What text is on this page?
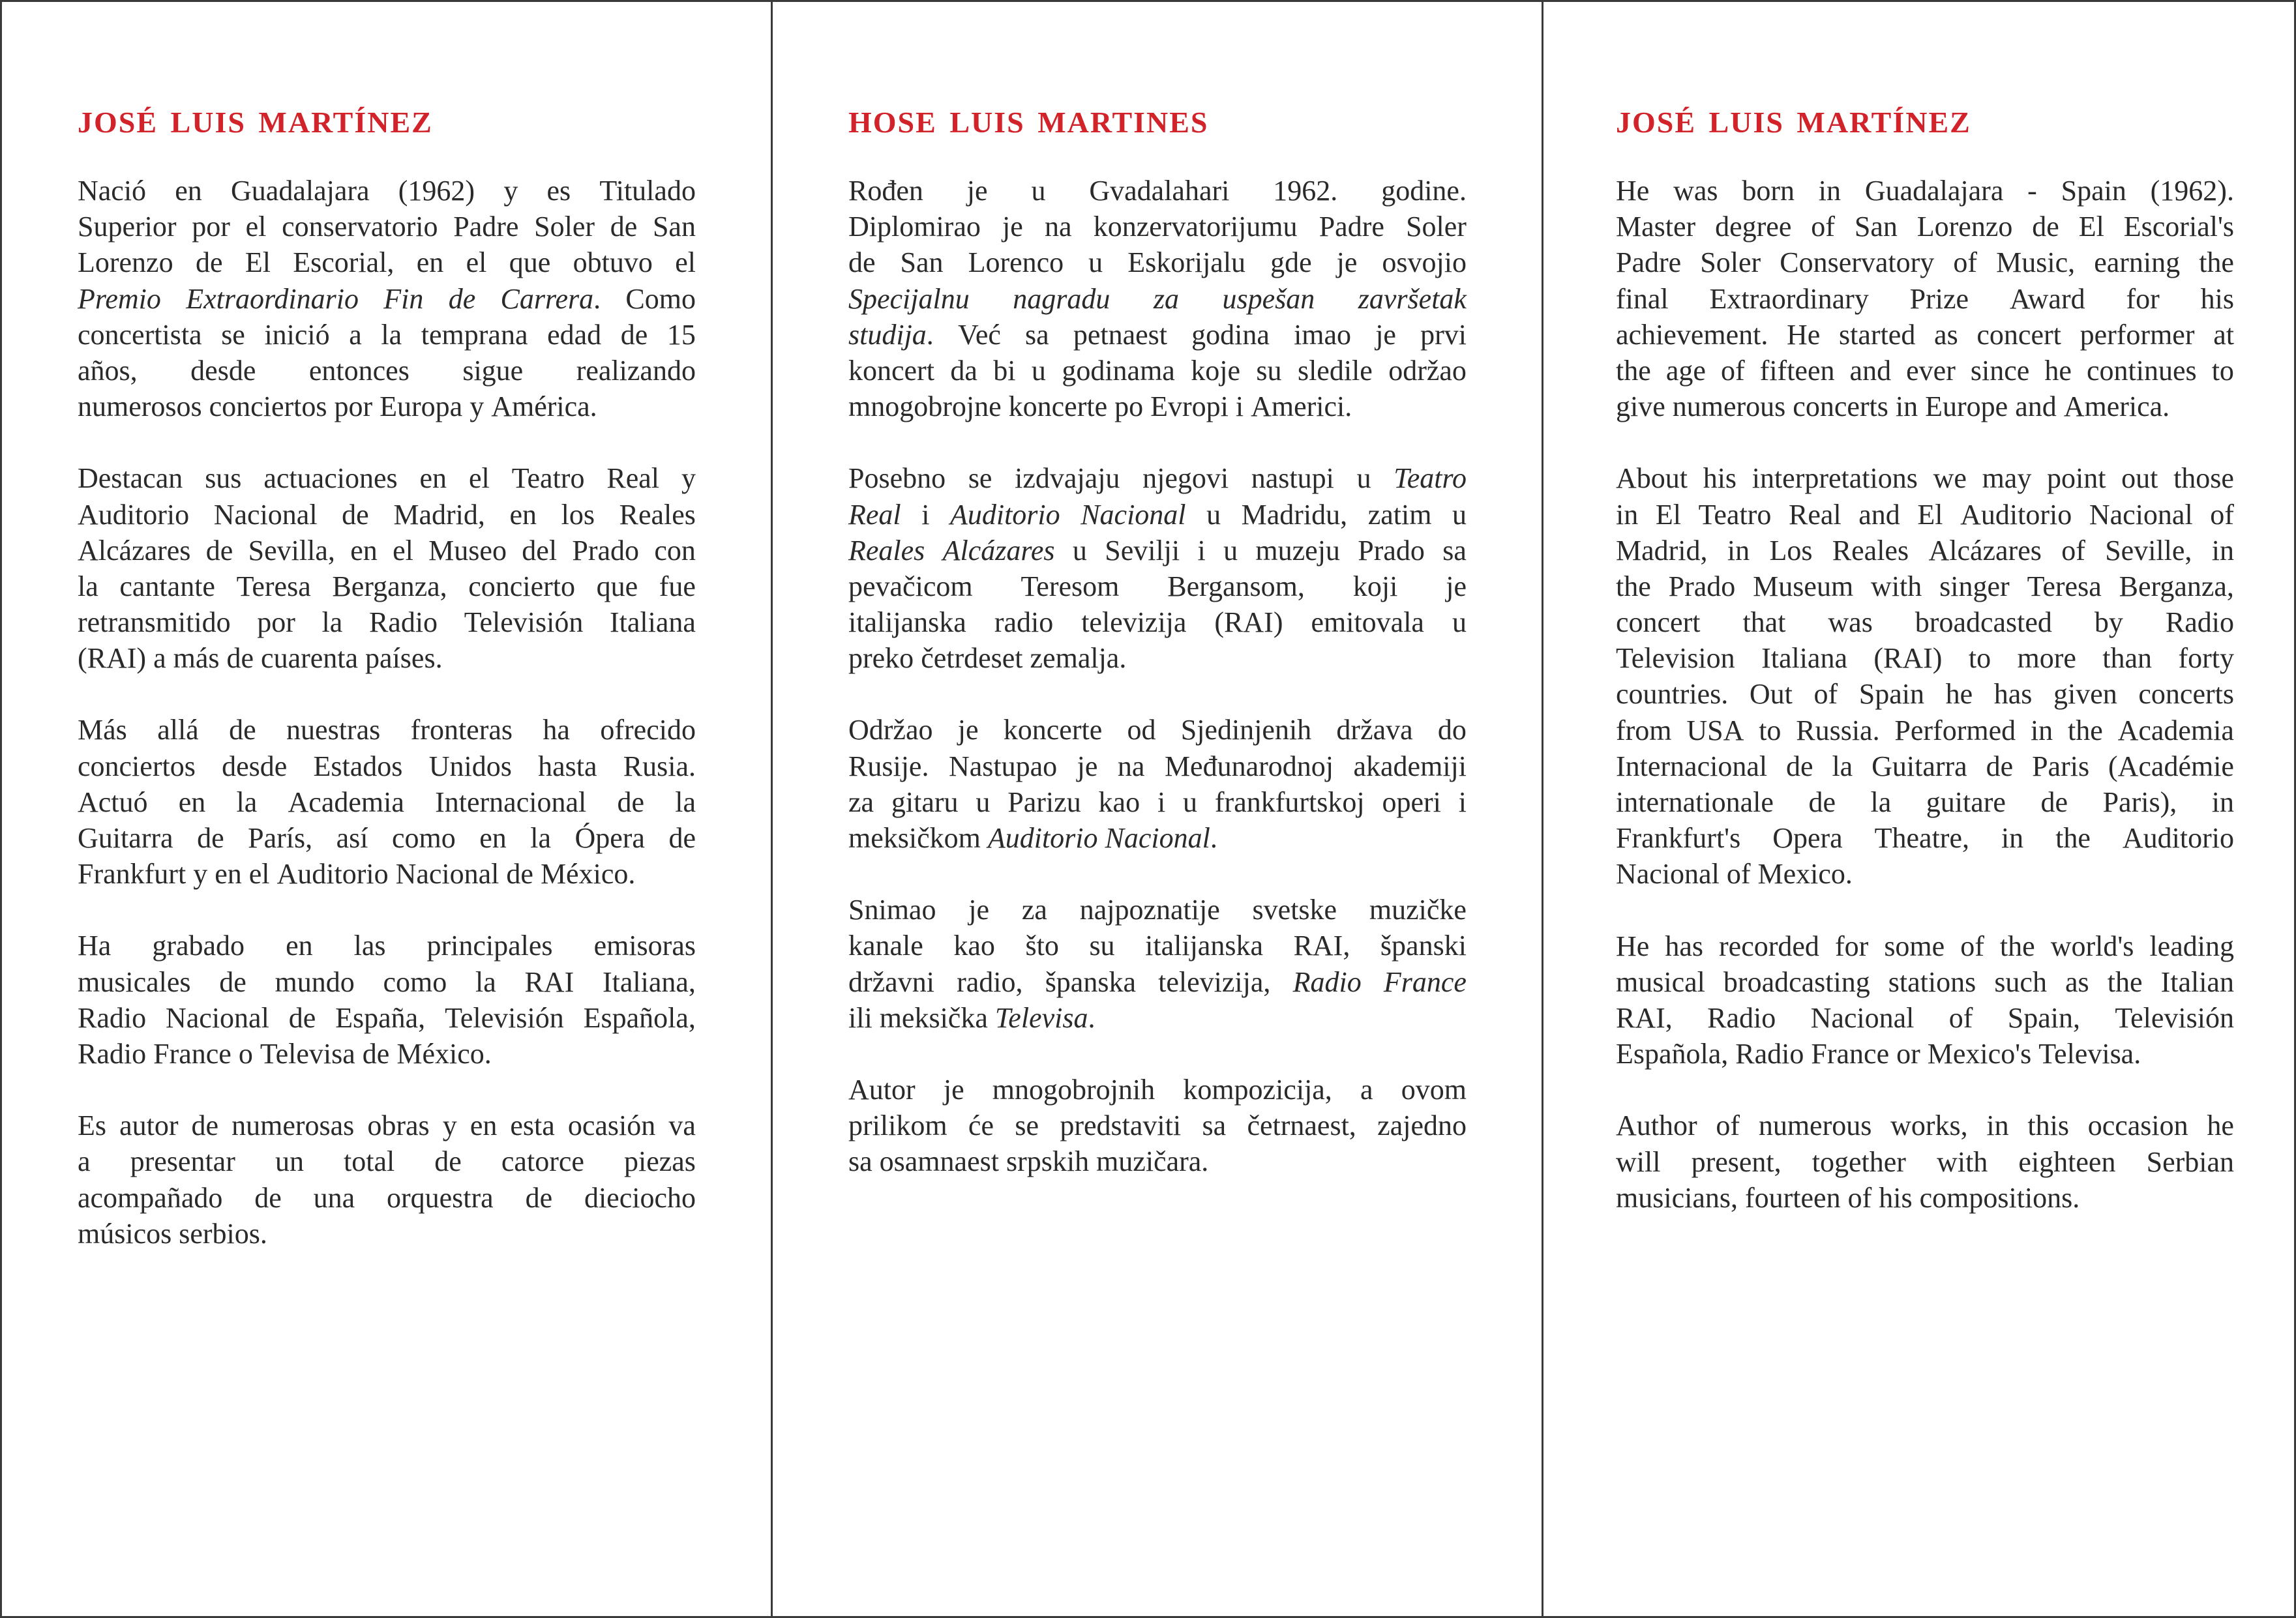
JOSÉ LUIS MARTÍNEZ
Nació en Guadalajara (1962) y es Titulado
Superior por el conservatorio Padre Soler de San
Lorenzo de El Escorial, en el que obtuvo el
Premio Extraordinario Fin de Carrera. Como
concertista se inició a la temprana edad de 15
años, desde entonces sigue realizando
numerosos conciertos por Europa y América.
Destacan sus actuaciones en el Teatro Real y
Auditorio Nacional de Madrid, en los Reales
Alcázares de Sevilla, en el Museo del Prado con
la cantante Teresa Berganza, concierto que fue
retransmitido por la Radio Televisión Italiana
(RAI) a más de cuarenta países.
Más allá de nuestras fronteras ha ofrecido
conciertos desde Estados Unidos hasta Rusia.
Actuó en la Academia Internacional de la
Guitarra de París, así como en la Ópera de
Frankfurt y en el Auditorio Nacional de México.
Ha grabado en las principales emisoras
musicales de mundo como la RAI Italiana,
Radio Nacional de España, Televisión Española,
Radio France o Televisa de México.
Es autor de numerosas obras y en esta ocasión va
a presentar un total de catorce piezas
acompañado de una orquestra de dieciocho
músicos serbios.
HOSE LUIS MARTINES
Rođen je u Gvadalahari 1962. godine.
Diplomirao je na konzervatorijumu Padre Soler
de San Lorenco u Eskorijalu gde je osvojio
Specijalnu nagradu za uspešan završetak
studija. Već sa petnaest godina imao je prvi
koncert da bi u godinama koje su sledile održao
mnogobrojne koncerte po Evropi i Americi.
Posebno se izdvajaju njegovi nastupi u Teatro
Real i Auditorio Nacional u Madridu, zatim u
Reales Alcázares u Sevilji i u muzeju Prado sa
pevačicom Teresom Bergansom, koji je
italijanska radio televizija (RAI) emitovala u
preko četrdeset zemalja.
Održao je koncerte od Sjedinjenih država do
Rusije. Nastupao je na Međunarodnoj akademiji
za gitaru u Parizu kao i u frankfurtskoj operi i
meksičkom Auditorio Nacional.
Snimao je za najpoznatije svetske muzičke
kanale kao što su italijanska RAI, španski
državni radio, španska televizija, Radio France
ili meksička Televisa.
Autor je mnogobrojnih kompozicija, a ovom
prilikom će se predstaviti sa četrnaest, zajedno
sa osamnaest srpskih muzičara.
JOSÉ LUIS MARTÍNEZ
He was born in Guadalajara - Spain (1962).
Master degree of San Lorenzo de El Escorial's
Padre Soler Conservatory of Music, earning the
final Extraordinary Prize Award for his
achievement. He started as concert performer at
the age of fifteen and ever since he continues to
give numerous concerts in Europe and America.
About his interpretations we may point out those
in El Teatro Real and El Auditorio Nacional of
Madrid, in Los Reales Alcázares of Seville, in
the Prado Museum with singer Teresa Berganza,
concert that was broadcasted by Radio
Television Italiana (RAI) to more than forty
countries. Out of Spain he has given concerts
from USA to Russia. Performed in the Academia
Internacional de la Guitarra de Paris (Académie
internationale de la guitare de Paris), in
Frankfurt's Opera Theatre, in the Auditorio
Nacional of Mexico.
He has recorded for some of the world's leading
musical broadcasting stations such as the Italian
RAI, Radio Nacional of Spain, Televisión
Española, Radio France or Mexico's Televisa.
Author of numerous works, in this occasion he
will present, together with eighteen Serbian
musicians, fourteen of his compositions.
